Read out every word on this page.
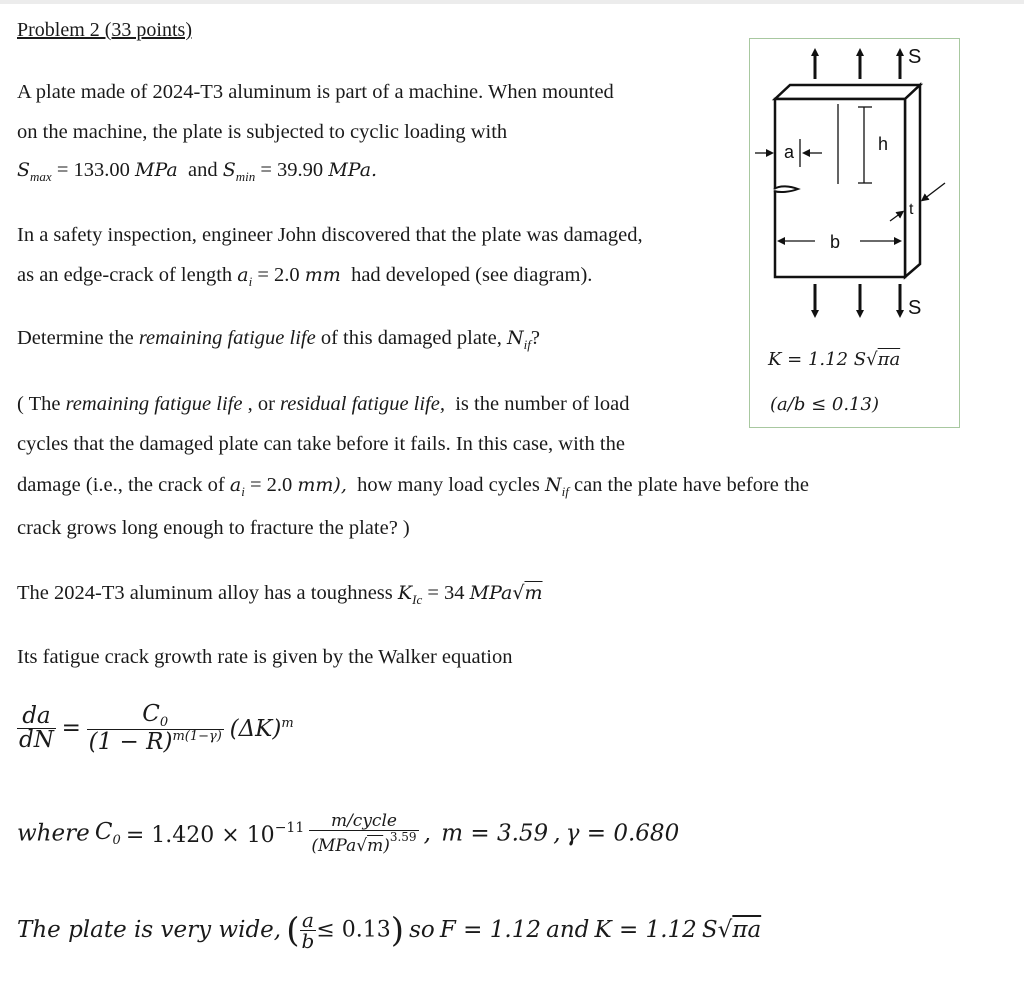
Problem 2 (33 points)
A plate made of 2024-T3 aluminum is part of a machine. When mounted
on the machine, the plate is subjected to cyclic loading with
$S_{max} = 133.00$ MPa and $S_{min} = 39.90$ MPa.
In a safety inspection, engineer John discovered that the plate was damaged,
as an edge-crack of length $a_i = 2.0$ mm had developed (see diagram).
Determine the remaining fatigue life of this damaged plate, $N_{if}$?
( The remaining fatigue life , or residual fatigue life, is the number of load
cycles that the damaged plate can take before it fails. In this case, with the
damage (i.e., the crack of $a_i = 2.0$ mm), how many load cycles $N_{if}$ can the plate have before the
crack grows long enough to fracture the plate? )
The 2024-T3 aluminum alloy has a toughness $K_{Ic} = 34$ MPa√m
Its fatigue crack growth rate is given by the Walker equation
$\frac{da}{dN} = \frac{C_0}{(1 - R)^{m(1-\gamma)}} (\Delta K)^m$
where $C_0 = 1.420 \times 10^{-11} \frac{\text{m/cycle}}{(MPa√m)^{3.59}}$ , m = 3.59 , γ = 0.680
The plate is very wide, ( $\frac{a}{b} \le 0.13$) so F = 1.12 and K = 1.12 S√πa
S
S
a	h
t
b
K = 1.12 S√πa
(a/b ≤ 0.13)
